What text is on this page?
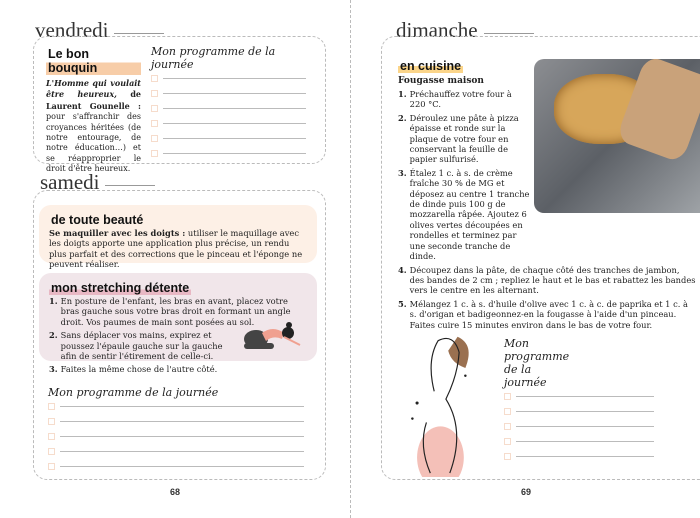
vendredi
Le bon bouquin

L'Homme qui voulait être heureux, de Laurent Gounelle : pour s'affranchir des croyances héritées (de notre entourage, de notre éducation…) et se réapproprier le droit d'être heureux.

Mon programme de la journée
samedi
de toute beauté

Se maquiller avec les doigts : utiliser le maquillage avec les doigts apporte une application plus précise, un rendu plus parfait et des corrections que le pinceau et l'éponge ne peuvent réaliser.

mon stretching détente
1. En posture de l'enfant, les bras en avant, placez votre bras gauche sous votre bras droit en formant un angle droit. Vos paumes de main sont posées au sol.
2. Sans déplacer vos mains, expirez et poussez l'épaule gauche sur la gauche afin de sentir l'étirement de celle-ci.
3. Faites la même chose de l'autre côté.
Mon programme de la journée
68
dimanche
en cuisine
Fougasse maison
1. Préchauffez votre four à 220 °C.
2. Déroulez une pâte à pizza épaisse et ronde sur la plaque de votre four en conservant la feuille de papier sulfurisé.
3. Étalez 1 c. à s. de crème fraîche 30 % de MG et déposez au centre 1 tranche de dinde puis 100 g de mozzarella râpée. Ajoutez 6 olives vertes découpées en rondelles et terminez par une seconde tranche de dinde.
4. Découpez dans la pâte, de chaque côté des tranches de jambon, des bandes de 2 cm ; repliez le haut et le bas et rabattez les bandes vers le centre en les alternant.
5. Mélangez 1 c. à s. d'huile d'olive avec 1 c. à c. de paprika et 1 c. à s. d'origan et badigeonnez-en la fougasse à l'aide d'un pinceau. Faites cuire 15 minutes environ dans le bas de votre four.
Mon programme de la journée
69
